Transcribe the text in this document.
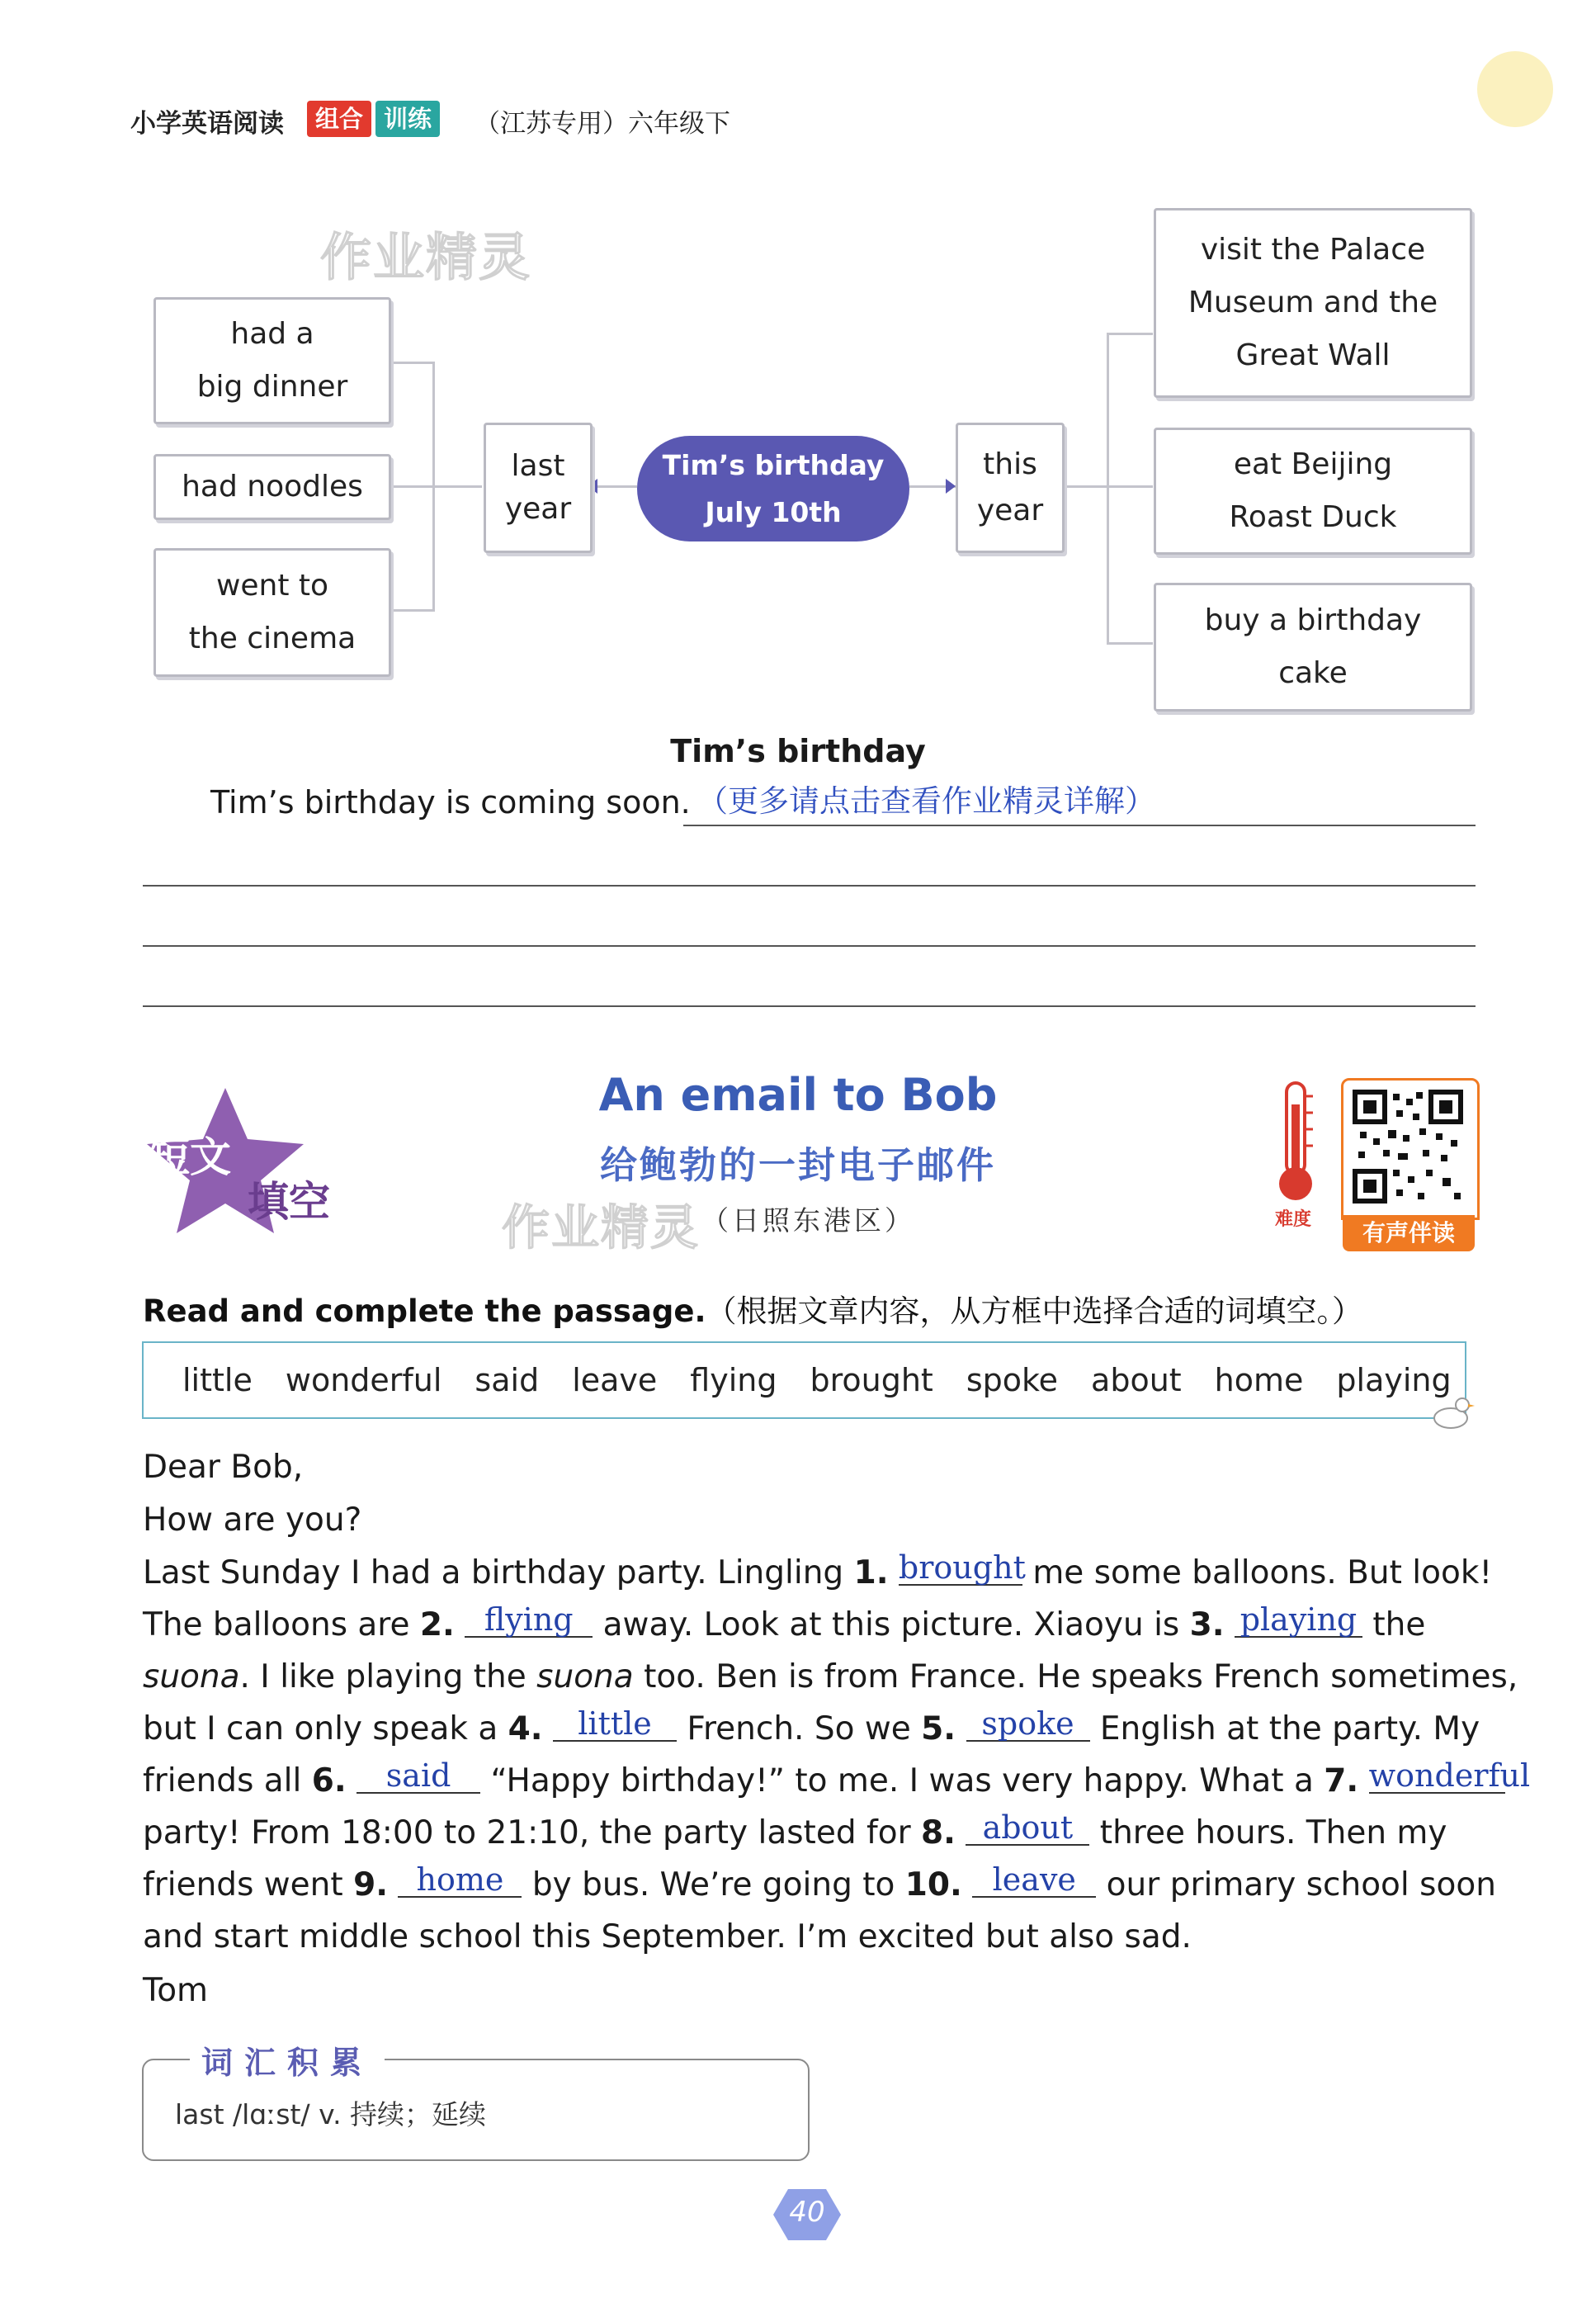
小学英语阅读	组合 训练	（江苏专用）六年级下
作业精灵
had a
big dinner
had noodles
went to
the cinema
last
year
this
year
Tim’s birthday
July 10th
visit the Palace
Museum and the
Great Wall
eat Beijing
Roast Duck
buy a birthday
cake
Tim’s birthday
Tim’s birthday is coming soon. （更多请点击查看作业精灵详解）
短文
填空
An email to Bob
给鲍勃的一封电子邮件
作业精灵 （日照东港区）	难度	有声伴读
Read and complete the passage.（根据文章内容，从方框中选择合适的词填空。）
little wonderful said leave flying brought spoke about home playing
Dear Bob,
How are you?
Last Sunday I had a birthday party. Lingling 1. brought me some balloons. But look!
The balloons are 2. flying away. Look at this picture. Xiaoyu is 3. playing the
suona. I like playing the suona too. Ben is from France. He speaks French sometimes,
but I can only speak a 4. little French. So we 5. spoke English at the party. My
friends all 6. said “Happy birthday!” to me. I was very happy. What a 7. wonderful
party! From 18:00 to 21:10, the party lasted for 8. about three hours. Then my
friends went 9. home by bus. We’re going to 10. leave our primary school soon
and start middle school this September. I’m excited but also sad.
Tom
词汇积累
last /lɑːst/ v. 持续；延续
40
